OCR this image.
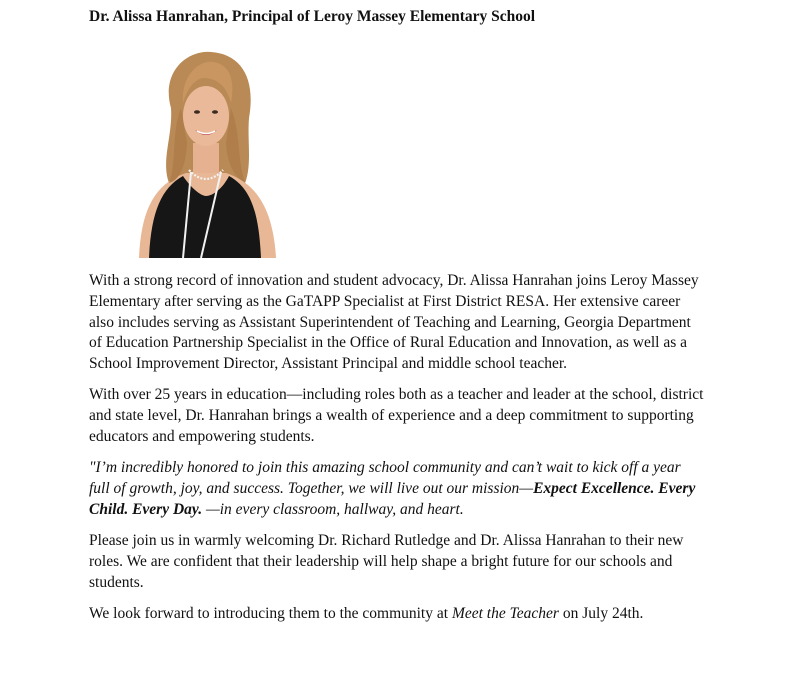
Dr. Alissa Hanrahan, Principal of Leroy Massey Elementary School

With a strong record of innovation and student advocacy, Dr. Alissa Hanrahan joins Leroy Massey Elementary after serving as the GaTAPP Specialist at First District RESA. Her extensive career also includes serving as Assistant Superintendent of Teaching and Learning, Georgia Department of Education Partnership Specialist in the Office of Rural Education and Innovation, as well as a School Improvement Director, Assistant Principal and middle school teacher.

With over 25 years in education—including roles both as a teacher and leader at the school, district and state level, Dr. Hanrahan brings a wealth of experience and a deep commitment to supporting educators and empowering students.

"I’m incredibly honored to join this amazing school community and can’t wait to kick off a year full of growth, joy, and success. Together, we will live out our mission—Expect Excellence. Every Child. Every Day. —in every classroom, hallway, and heart.

Please join us in warmly welcoming Dr. Richard Rutledge and Dr. Alissa Hanrahan to their new roles. We are confident that their leadership will help shape a bright future for our schools and students.

We look forward to introducing them to the community at Meet the Teacher on July 24th.
